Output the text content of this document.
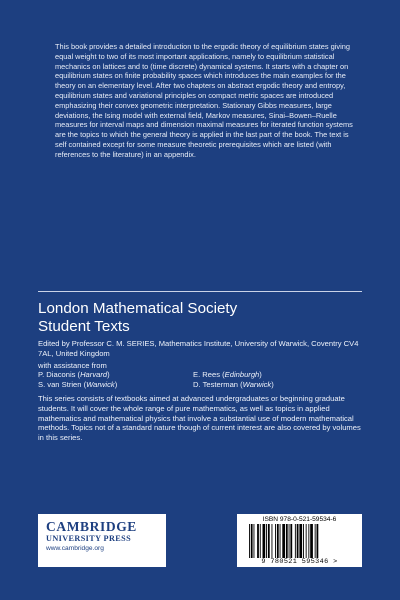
This book provides a detailed introduction to the ergodic theory of equilibrium states giving equal weight to two of its most important applications, namely to equilibrium statistical mechanics on lattices and to (time discrete) dynamical systems. It starts with a chapter on equilibrium states on finite probability spaces which introduces the main examples for the theory on an elementary level. After two chapters on abstract ergodic theory and entropy, equilibrium states and variational principles on compact metric spaces are introduced emphasizing their convex geometric interpretation. Stationary Gibbs measures, large deviations, the Ising model with external field, Markov measures, Sinai–Bowen–Ruelle measures for interval maps and dimension maximal measures for iterated function systems are the topics to which the general theory is applied in the last part of the book. The text is self contained except for some measure theoretic prerequisites which are listed (with references to the literature) in an appendix.

London Mathematical Society
Student Texts
Edited by Professor C. M. SERIES, Mathematics Institute, University of Warwick, Coventry CV4 7AL, United Kingdom
with assistance from
P. Diaconis (Harvard)	E. Rees (Edinburgh)
S. van Strien (Warwick)	D. Testerman (Warwick)

This series consists of textbooks aimed at advanced undergraduates or beginning graduate students. It will cover the whole range of pure mathematics, as well as topics in applied mathematics and mathematical physics that involve a substantial use of modern mathematical methods. Topics not of a standard nature though of current interest are also covered by volumes in this series.

CAMBRIDGE
UNIVERSITY PRESS
www.cambridge.org
ISBN 978-0-521-59534-6
9 780521 595346 >
